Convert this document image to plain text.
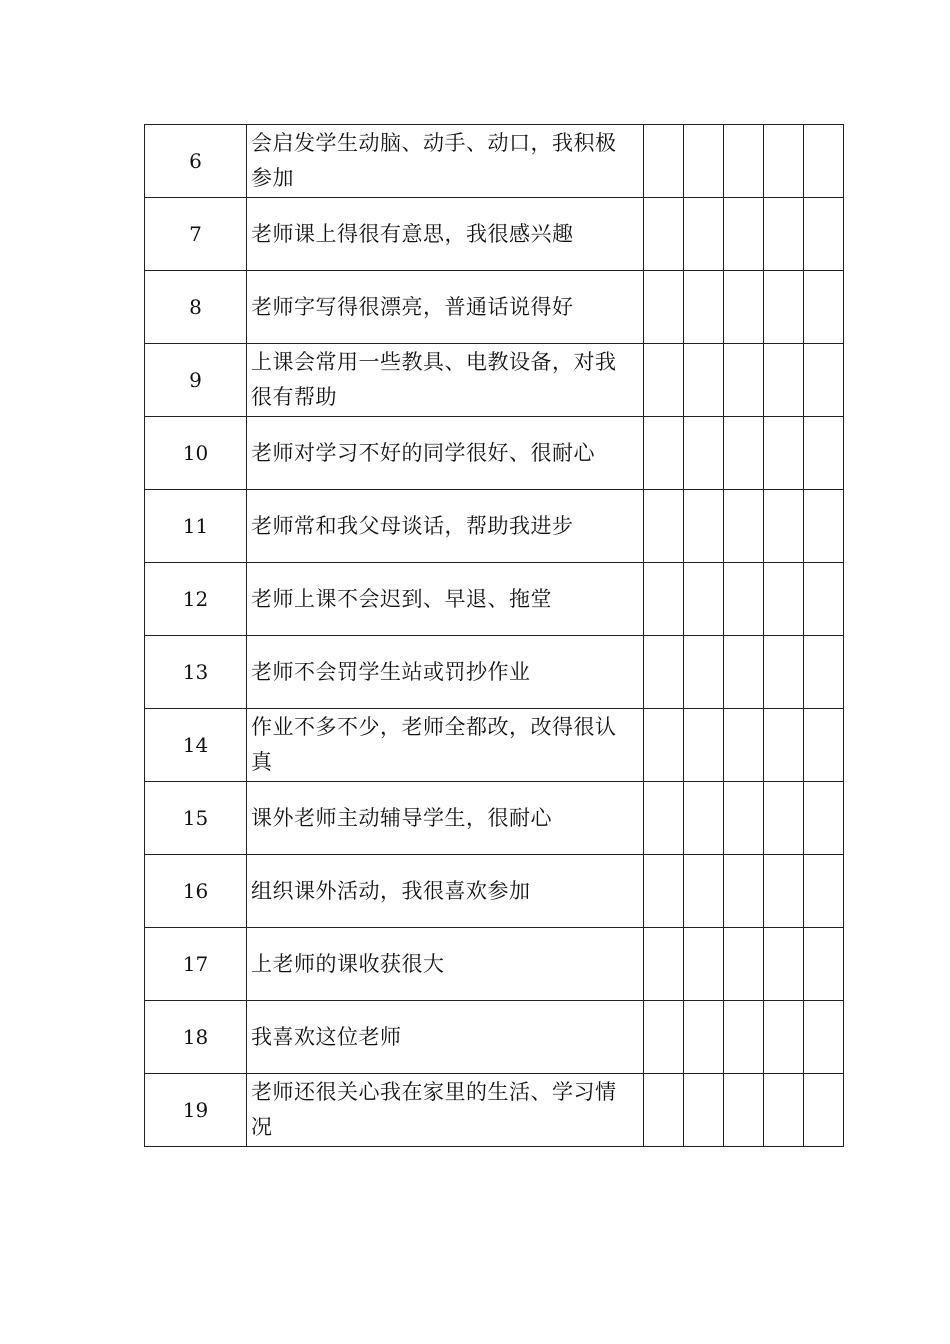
6	会启发学生动脑、动手、动口，我积极参加					
7	老师课上得很有意思，我很感兴趣					
8	老师字写得很漂亮，普通话说得好					
9	上课会常用一些教具、电教设备，对我很有帮助					
10	老师对学习不好的同学很好、很耐心					
11	老师常和我父母谈话，帮助我进步					
12	老师上课不会迟到、早退、拖堂					
13	老师不会罚学生站或罚抄作业					
14	作业不多不少，老师全都改，改得很认真					
15	课外老师主动辅导学生，很耐心					
16	组织课外活动，我很喜欢参加					
17	上老师的课收获很大					
18	我喜欢这位老师					
19	老师还很关心我在家里的生活、学习情况					
